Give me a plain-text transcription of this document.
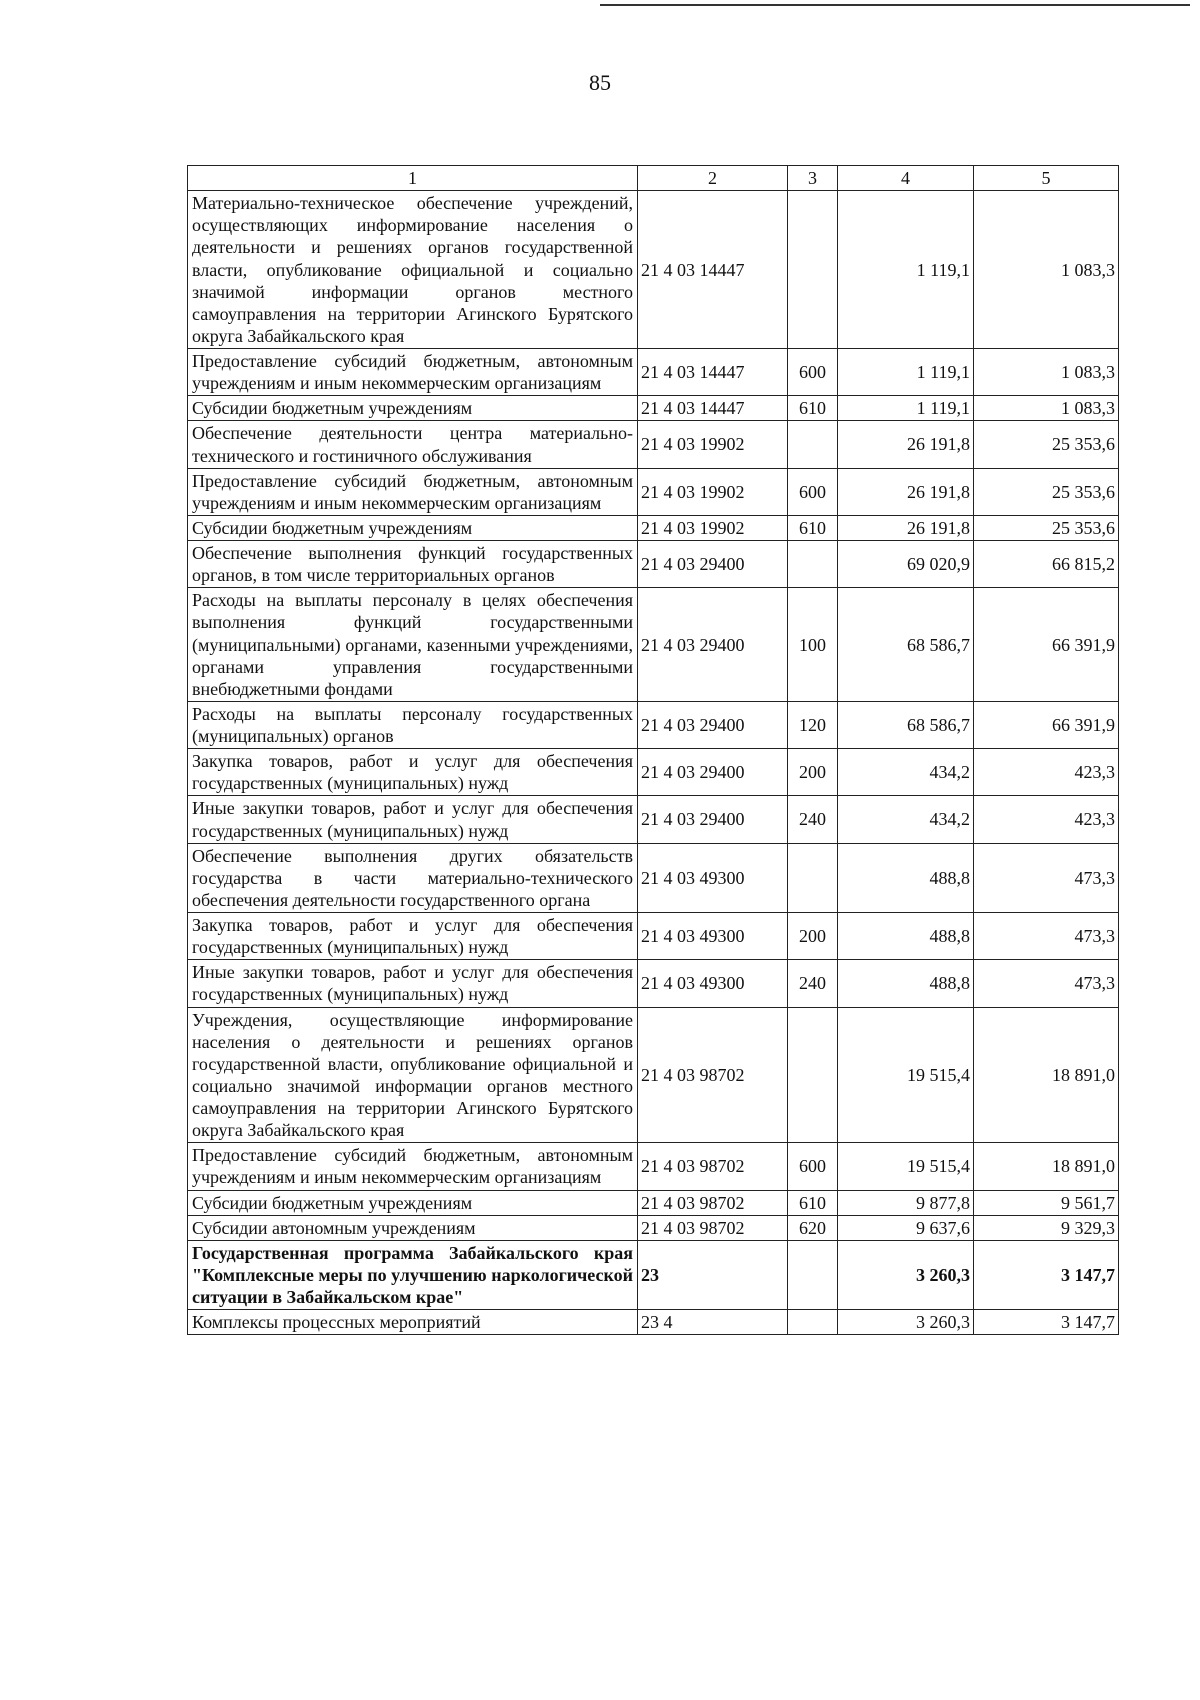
85
1	2	3	4	5
Материально-техническое обеспечение учреждений, осуществляющих информирование населения о деятельности и решениях органов государственной власти, опубликование официальной и социально значимой информации органов местного самоуправления на территории Агинского Бурятского округа Забайкальского края	21 4 03 14447		1 119,1	1 083,3
Предоставление субсидий бюджетным, автономным учреждениям и иным некоммерческим организациям	21 4 03 14447	600	1 119,1	1 083,3
Субсидии бюджетным учреждениям	21 4 03 14447	610	1 119,1	1 083,3
Обеспечение деятельности центра материально-технического и гостиничного обслуживания	21 4 03 19902		26 191,8	25 353,6
Предоставление субсидий бюджетным, автономным учреждениям и иным некоммерческим организациям	21 4 03 19902	600	26 191,8	25 353,6
Субсидии бюджетным учреждениям	21 4 03 19902	610	26 191,8	25 353,6
Обеспечение выполнения функций государственных органов, в том числе территориальных органов	21 4 03 29400		69 020,9	66 815,2
Расходы на выплаты персоналу в целях обеспечения выполнения функций государственными (муниципальными) органами, казенными учреждениями, органами управления государственными внебюджетными фондами	21 4 03 29400	100	68 586,7	66 391,9
Расходы на выплаты персоналу государственных (муниципальных) органов	21 4 03 29400	120	68 586,7	66 391,9
Закупка товаров, работ и услуг для обеспечения государственных (муниципальных) нужд	21 4 03 29400	200	434,2	423,3
Иные закупки товаров, работ и услуг для обеспечения государственных (муниципальных) нужд	21 4 03 29400	240	434,2	423,3
Обеспечение выполнения других обязательств государства в части материально-технического обеспечения деятельности государственного органа	21 4 03 49300		488,8	473,3
Закупка товаров, работ и услуг для обеспечения государственных (муниципальных) нужд	21 4 03 49300	200	488,8	473,3
Иные закупки товаров, работ и услуг для обеспечения государственных (муниципальных) нужд	21 4 03 49300	240	488,8	473,3
Учреждения, осуществляющие информирование населения о деятельности и решениях органов государственной власти, опубликование официальной и социально значимой информации органов местного самоуправления на территории Агинского Бурятского округа Забайкальского края	21 4 03 98702		19 515,4	18 891,0
Предоставление субсидий бюджетным, автономным учреждениям и иным некоммерческим организациям	21 4 03 98702	600	19 515,4	18 891,0
Субсидии бюджетным учреждениям	21 4 03 98702	610	9 877,8	9 561,7
Субсидии автономным учреждениям	21 4 03 98702	620	9 637,6	9 329,3
Государственная программа Забайкальского края "Комплексные меры по улучшению наркологической ситуации в Забайкальском крае"	23		3 260,3	3 147,7
Комплексы процессных мероприятий	23 4		3 260,3	3 147,7
